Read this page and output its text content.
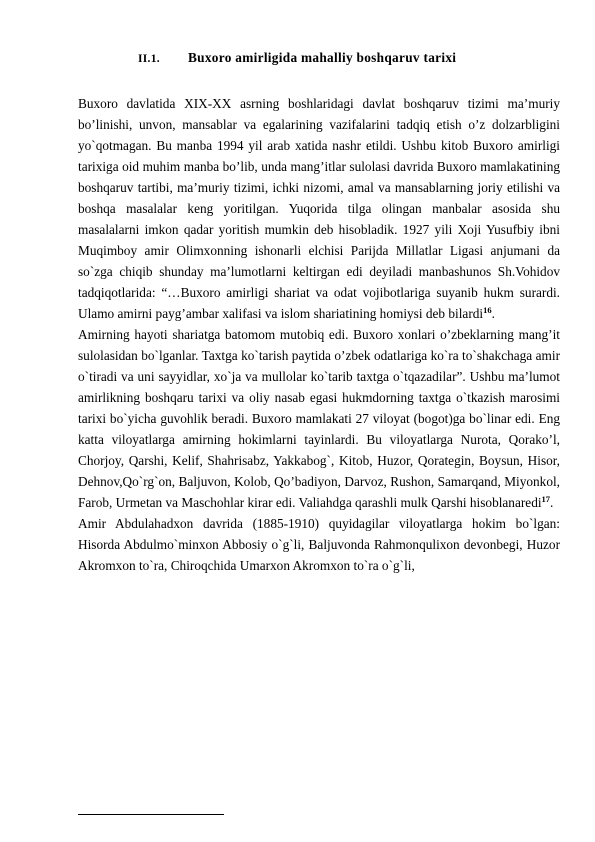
II.1. Buxoro amirligida mahalliy boshqaruv tarixi

Buxoro davlatida XIX-XX asrning boshlaridagi davlat boshqaruv tizimi ma’muriy bo’linishi, unvon, mansablar va egalarining vazifalarini tadqiq etish o’z dolzarbligini yo`qotmagan. Bu manba 1994 yil arab xatida nashr etildi. Ushbu kitob Buxoro amirligi tarixiga oid muhim manba bo’lib, unda mang’itlar sulolasi davrida Buxoro mamlakatining boshqaruv tartibi, ma’muriy tizimi, ichki nizomi, amal va mansablarning joriy etilishi va boshqa masalalar keng yoritilgan. Yuqorida tilga olingan manbalar asosida shu masalalarni imkon qadar yoritish mumkin deb hisobladik. 1927 yili Xoji Yusufbiy ibni Muqimboy amir Olimxonning ishonarli elchisi Parijda Millatlar Ligasi anjumani da so`zga chiqib shunday ma’lumotlarni keltirgan edi deyiladi manbashunos Sh.Vohidov tadqiqotlarida: “…Buxoro amirligi shariat va odat vojibotlariga suyanib hukm surardi. Ulamo amirni payg’ambar xalifasi va islom shariatining homiysi deb bilardi$^{16}$.

Amirning hayoti shariatga batomom mutobiq edi. Buxoro xonlari o’zbeklarning mang’it sulolasidan bo`lganlar. Taxtga ko`tarish paytida o’zbek odatlariga ko`ra to`shakchaga amir o`tiradi va uni sayyidlar, xo`ja va mullolar ko`tarib taxtga o`tqazadilar”. Ushbu ma’lumot amirlikning boshqaru tarixi va oliy nasab egasi hukmdorning taxtga o`tkazish marosimi tarixi bo`yicha guvohlik beradi. Buxoro mamlakati 27 viloyat (bogot)ga bo`linar edi. Eng katta viloyatlarga amirning hokimlarni tayinlardi. Bu viloyatlarga Nurota, Qorako’l, Chorjoy, Qarshi, Kelif, Shahrisabz, Yakkabog`, Kitob, Huzor, Qorategin, Boysun, Hisor, Dehnov,Qo`rg`on, Baljuvon, Kolob, Qo’badiyon, Darvoz, Rushon, Samarqand, Miyonkol, Farob, Urmetan va Maschohlar kirar edi. Valiahdga qarashli mulk Qarshi hisoblanaredi$^{17}$.

Amir Abdulahadxon davrida (1885-1910) quyidagilar viloyatlarga hokim bo`lgan: Hisorda Abdulmo`minxon Abbosiy o`g`li, Baljuvonda Rahmonqulixon devonbegi, Huzor Akromxon to`ra, Chiroqchida Umarxon Akromxon to`ra o`g`li,
